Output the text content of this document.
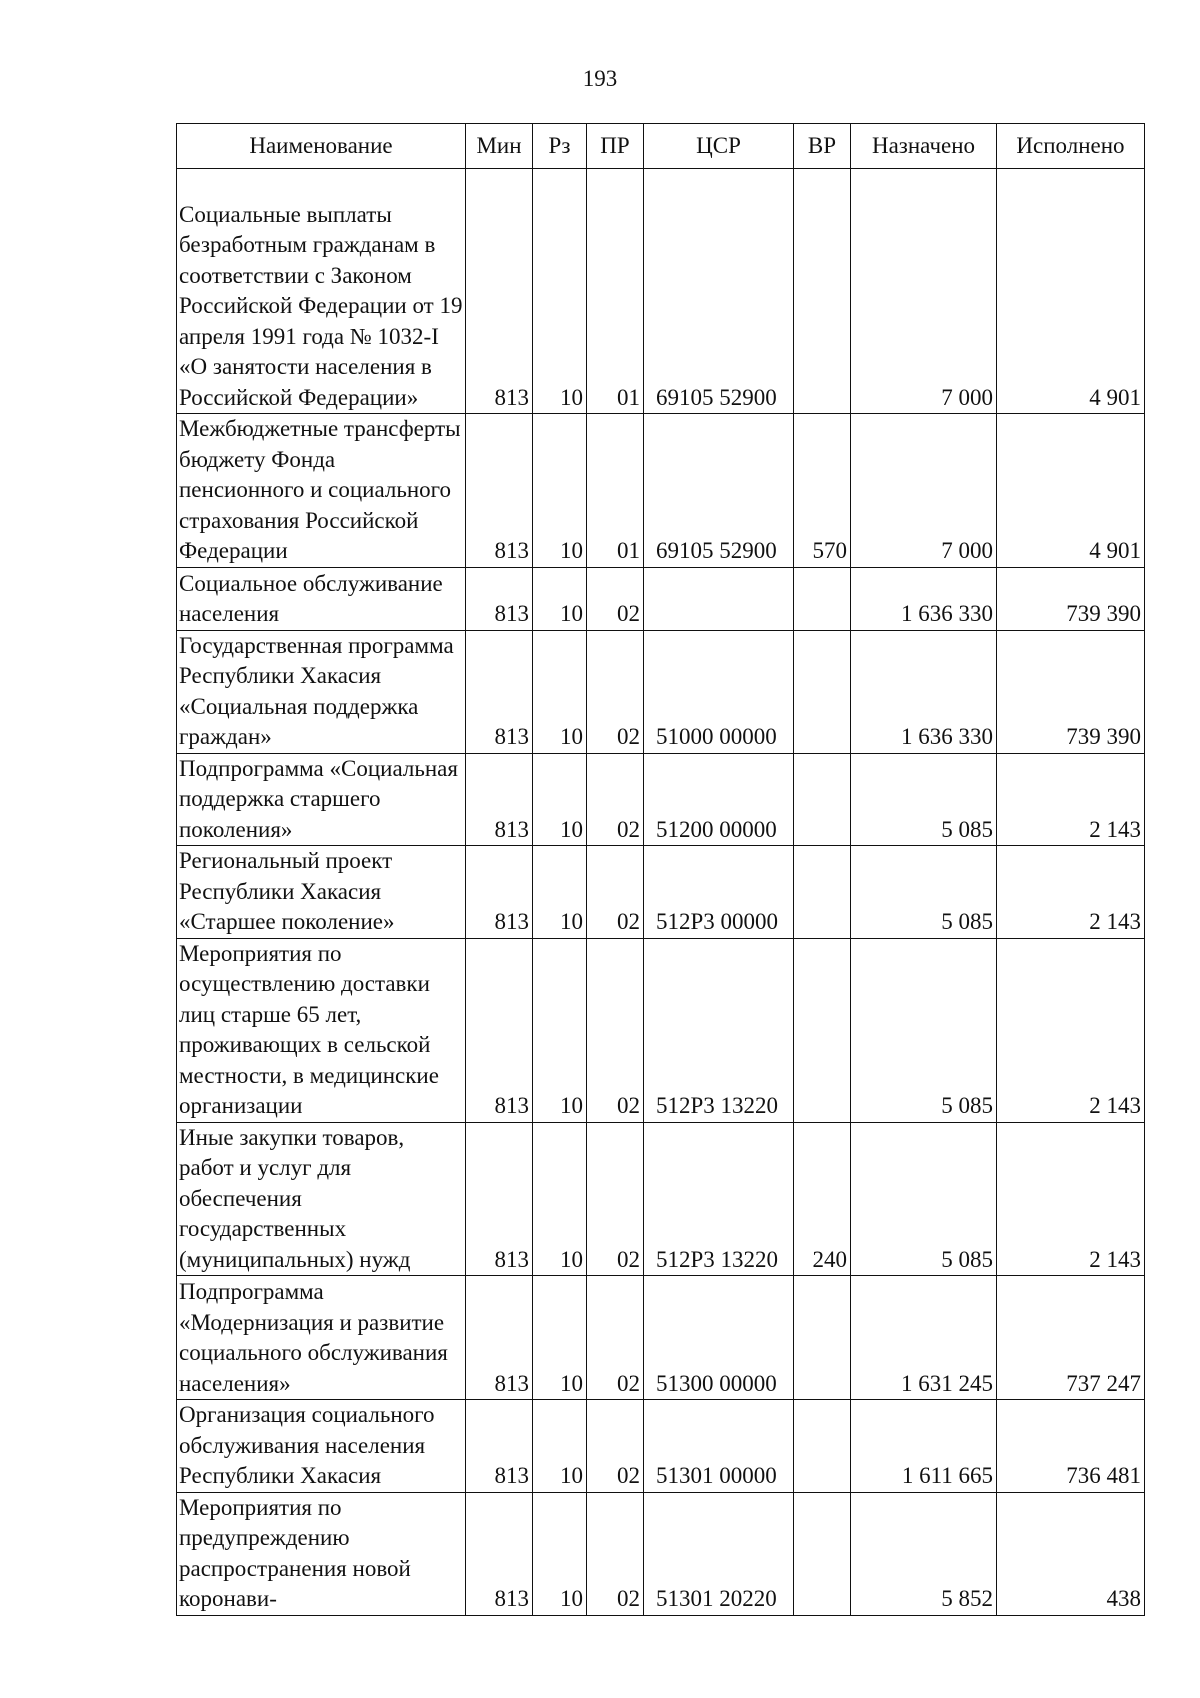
193
Наименование	Мин	Рз	ПР	ЦСР	ВР	Назначено	Исполнено
Социальные выплаты безработным гражданам в соответствии с Законом Российской Федерации от 19 апреля 1991 года № 1032-I «О занятости населения в Российской Федерации»	813	10	01	69105 52900		7 000	4 901
Межбюджетные трансферты бюджету Фонда пенсионного и социального страхования Российской Федерации	813	10	01	69105 52900	570	7 000	4 901
Социальное обслуживание населения	813	10	02			1 636 330	739 390
Государственная программа Республики Хакасия «Социальная поддержка граждан»	813	10	02	51000 00000		1 636 330	739 390
Подпрограмма «Социальная поддержка старшего поколения»	813	10	02	51200 00000		5 085	2 143
Региональный проект Республики Хакасия «Старшее поколение»	813	10	02	512P3 00000		5 085	2 143
Мероприятия по осуществлению доставки лиц старше 65 лет, проживающих в сельской местности, в медицинские организации	813	10	02	512P3 13220		5 085	2 143
Иные закупки товаров, работ и услуг для обеспечения государственных (муниципальных) нужд	813	10	02	512P3 13220	240	5 085	2 143
Подпрограмма «Модернизация и развитие социального обслуживания населения»	813	10	02	51300 00000		1 631 245	737 247
Организация социального обслуживания населения Республики Хакасия	813	10	02	51301 00000		1 611 665	736 481
Мероприятия по предупреждению распространения новой коронави-	813	10	02	51301 20220		5 852	438
